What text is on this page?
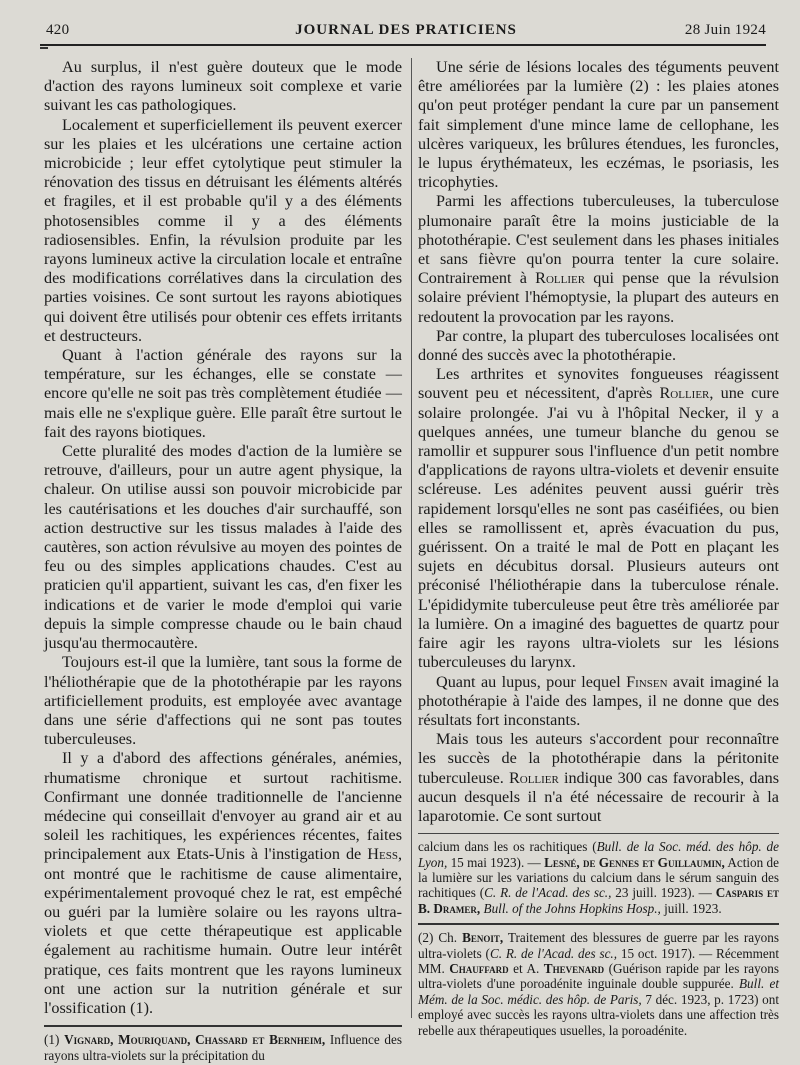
420	JOURNAL DES PRATICIENS	28 Juin 1924

Au surplus, il n'est guère douteux que le mode d'action des rayons lumineux soit complexe et varie suivant les cas pathologiques.

Localement et superficiellement ils peuvent exercer sur les plaies et les ulcérations une certaine action microbicide ; leur effet cytolytique peut stimuler la rénovation des tissus en détruisant les éléments altérés et fragiles, et il est probable qu'il y a des éléments photosensibles comme il y a des éléments radiosensibles. Enfin, la révulsion produite par les rayons lumineux active la circulation locale et entraîne des modifications corrélatives dans la circulation des parties voisines. Ce sont surtout les rayons abiotiques qui doivent être utilisés pour obtenir ces effets irritants et destructeurs.

Quant à l'action générale des rayons sur la température, sur les échanges, elle se constate — encore qu'elle ne soit pas très complètement étudiée — mais elle ne s'explique guère. Elle paraît être surtout le fait des rayons biotiques.

Cette pluralité des modes d'action de la lumière se retrouve, d'ailleurs, pour un autre agent physique, la chaleur. On utilise aussi son pouvoir microbicide par les cautérisations et les douches d'air surchauffé, son action destructive sur les tissus malades à l'aide des cautères, son action révulsive au moyen des pointes de feu ou des simples applications chaudes. C'est au praticien qu'il appartient, suivant les cas, d'en fixer les indications et de varier le mode d'emploi qui varie depuis la simple compresse chaude ou le bain chaud jusqu'au thermocautère.

Toujours est-il que la lumière, tant sous la forme de l'héliothérapie que de la photothérapie par les rayons artificiellement produits, est employée avec avantage dans une série d'affections qui ne sont pas toutes tuberculeuses.

Il y a d'abord des affections générales, anémies, rhumatisme chronique et surtout rachitisme. Confirmant une donnée traditionnelle de l'ancienne médecine qui conseillait d'envoyer au grand air et au soleil les rachitiques, les expériences récentes, faites principalement aux Etats-Unis à l'instigation de Hess, ont montré que le rachitisme de cause alimentaire, expérimentalement provoqué chez le rat, est empêché ou guéri par la lumière solaire ou les rayons ultra-violets et que cette thérapeutique est applicable également au rachitisme humain. Outre leur intérêt pratique, ces faits montrent que les rayons lumineux ont une action sur la nutrition générale et sur l'ossification (1).

(1) Vignard, Mouriquand, Chassard et Bernheim, Influence des rayons ultra-violets sur la précipitation du

Une série de lésions locales des téguments peuvent être améliorées par la lumière (2) : les plaies atones qu'on peut protéger pendant la cure par un pansement fait simplement d'une mince lame de cellophane, les ulcères variqueux, les brûlures étendues, les furoncles, le lupus érythémateux, les eczémas, le psoriasis, les tricophyties.

Parmi les affections tuberculeuses, la tuberculose plumonaire paraît être la moins justiciable de la photothérapie. C'est seulement dans les phases initiales et sans fièvre qu'on pourra tenter la cure solaire. Contrairement à Rollier qui pense que la révulsion solaire prévient l'hémoptysie, la plupart des auteurs en redoutent la provocation par les rayons.

Par contre, la plupart des tuberculoses localisées ont donné des succès avec la photothérapie.

Les arthrites et synovites fongueuses réagissent souvent peu et nécessitent, d'après Rollier, une cure solaire prolongée. J'ai vu à l'hôpital Necker, il y a quelques années, une tumeur blanche du genou se ramollir et suppurer sous l'influence d'un petit nombre d'applications de rayons ultra-violets et devenir ensuite scléreuse. Les adénites peuvent aussi guérir très rapidement lorsqu'elles ne sont pas caséifiées, ou bien elles se ramollissent et, après évacuation du pus, guérissent. On a traité le mal de Pott en plaçant les sujets en décubitus dorsal. Plusieurs auteurs ont préconisé l'héliothérapie dans la tuberculose rénale. L'épididymite tuberculeuse peut être très améliorée par la lumière. On a imaginé des baguettes de quartz pour faire agir les rayons ultra-violets sur les lésions tuberculeuses du larynx.

Quant au lupus, pour lequel Finsen avait imaginé la photothérapie à l'aide des lampes, il ne donne que des résultats fort inconstants.

Mais tous les auteurs s'accordent pour reconnaître les succès de la photothérapie dans la péritonite tuberculeuse. Rollier indique 300 cas favorables, dans aucun desquels il n'a été nécessaire de recourir à la laparotomie. Ce sont surtout

calcium dans les os rachitiques (Bull. de la Soc. méd. des hôp. de Lyon, 15 mai 1923). — Lesné, de Gennes et Guillaumin, Action de la lumière sur les variations du calcium dans le sérum sanguin des rachitiques (C. R. de l'Acad. des sc., 23 juill. 1923). — Casparis et B. Dramer, Bull. of the Johns Hopkins Hosp., juill. 1923.

(2) Ch. Benoit, Traitement des blessures de guerre par les rayons ultra-violets (C. R. de l'Acad. des sc., 15 oct. 1917). — Récemment MM. Chauffard et A. Thevenard (Guérison rapide par les rayons ultra-violets d'une poroadénite inguinale double suppurée. Bull. et Mém. de la Soc. médic. des hôp. de Paris, 7 déc. 1923, p. 1723) ont employé avec succès les rayons ultra-violets dans une affection très rebelle aux thérapeutiques usuelles, la poroadénite.
